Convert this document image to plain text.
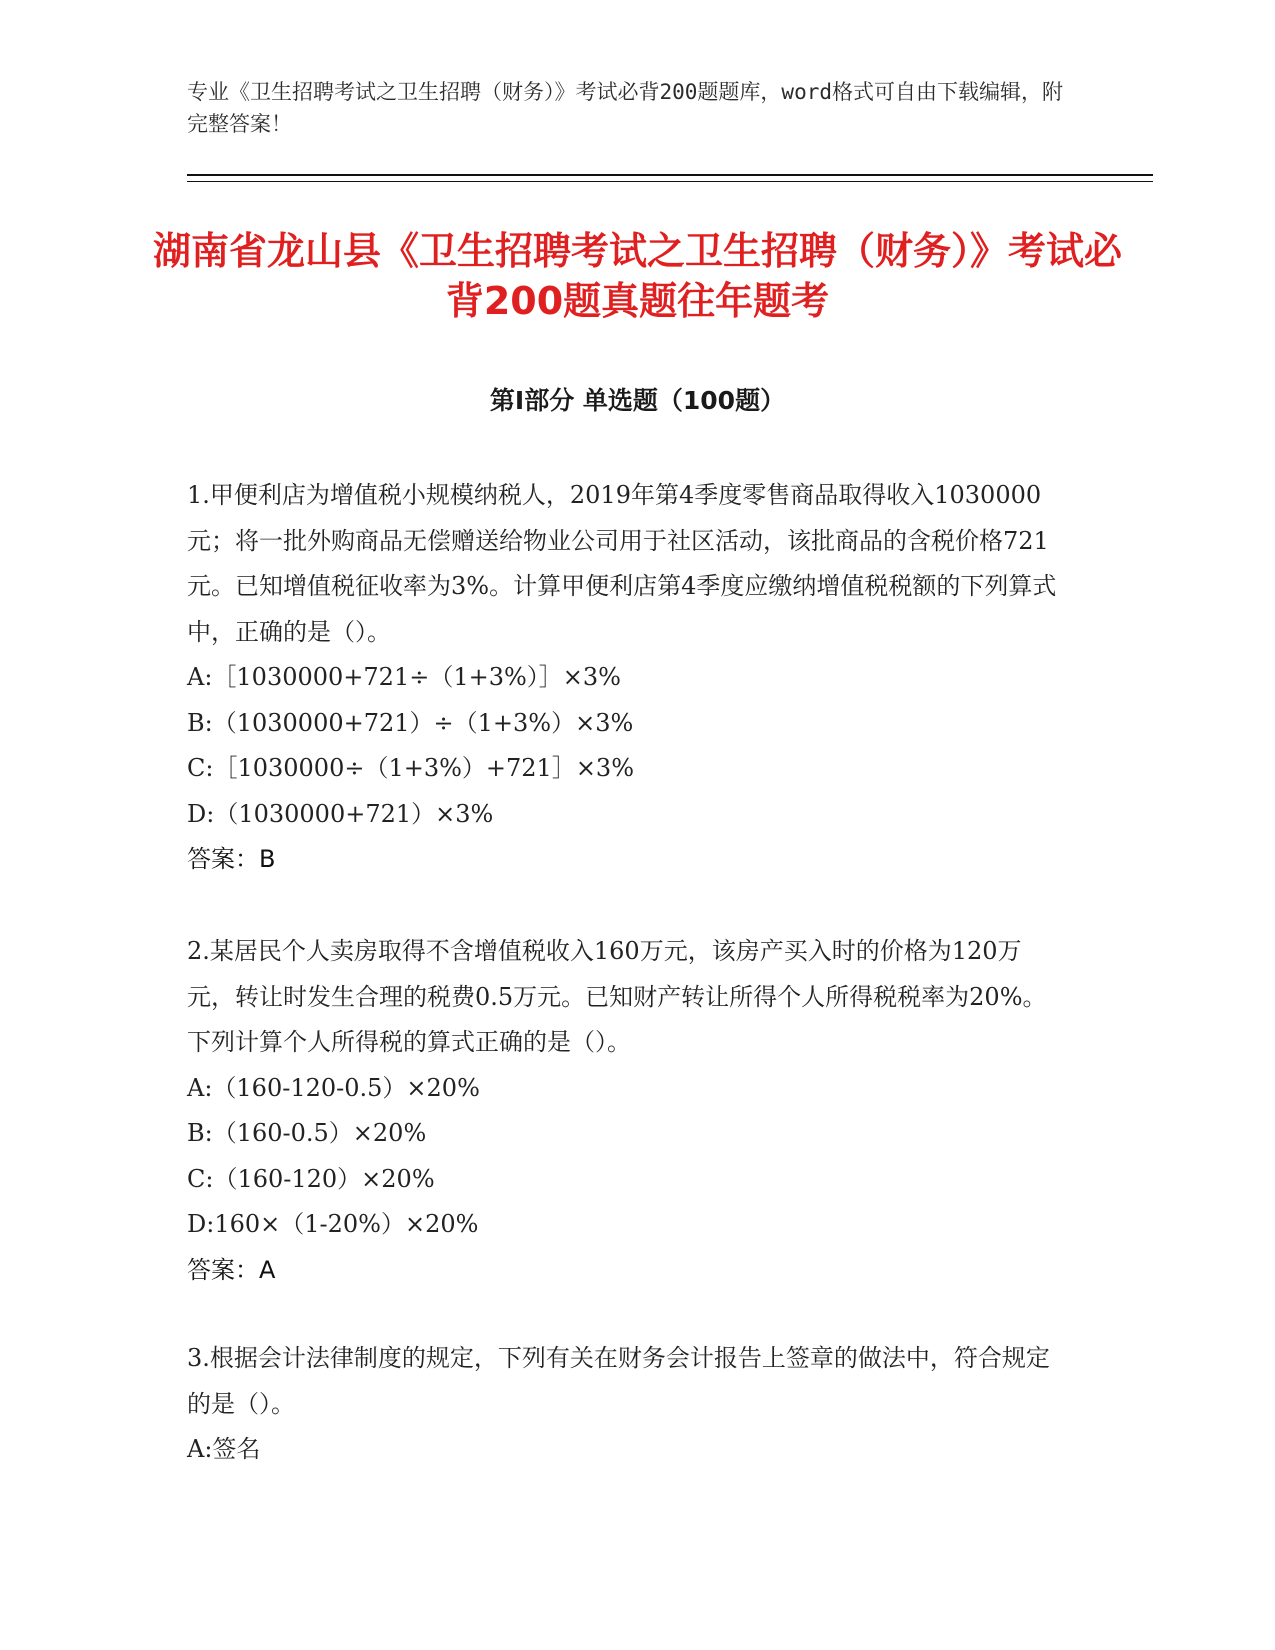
专业《卫生招聘考试之卫生招聘（财务）》考试必背200题题库，word格式可自由下载编辑，附完整答案！

湖南省龙山县《卫生招聘考试之卫生招聘（财务）》考试必背200题真题往年题考
第I部分 单选题（100题）

1.甲便利店为增值税小规模纳税人，2019年第4季度零售商品取得收入1030000元；将一批外购商品无偿赠送给物业公司用于社区活动，该批商品的含税价格721元。已知增值税征收率为3%。计算甲便利店第4季度应缴纳增值税税额的下列算式中，正确的是（）。

A:［1030000+721÷（1+3%）］×3%

B:（1030000+721）÷（1+3%）×3%

C:［1030000÷（1+3%）+721］×3%

D:（1030000+721）×3%

答案：B

2.某居民个人卖房取得不含增值税收入160万元，该房产买入时的价格为120万元，转让时发生合理的税费0.5万元。已知财产转让所得个人所得税税率为20%。下列计算个人所得税的算式正确的是（）。

A:（160-120-0.5）×20%

B:（160-0.5）×20%

C:（160-120）×20%

D:160×（1-20%）×20%

答案：A

3.根据会计法律制度的规定，下列有关在财务会计报告上签章的做法中，符合规定的是（）。

A:签名
